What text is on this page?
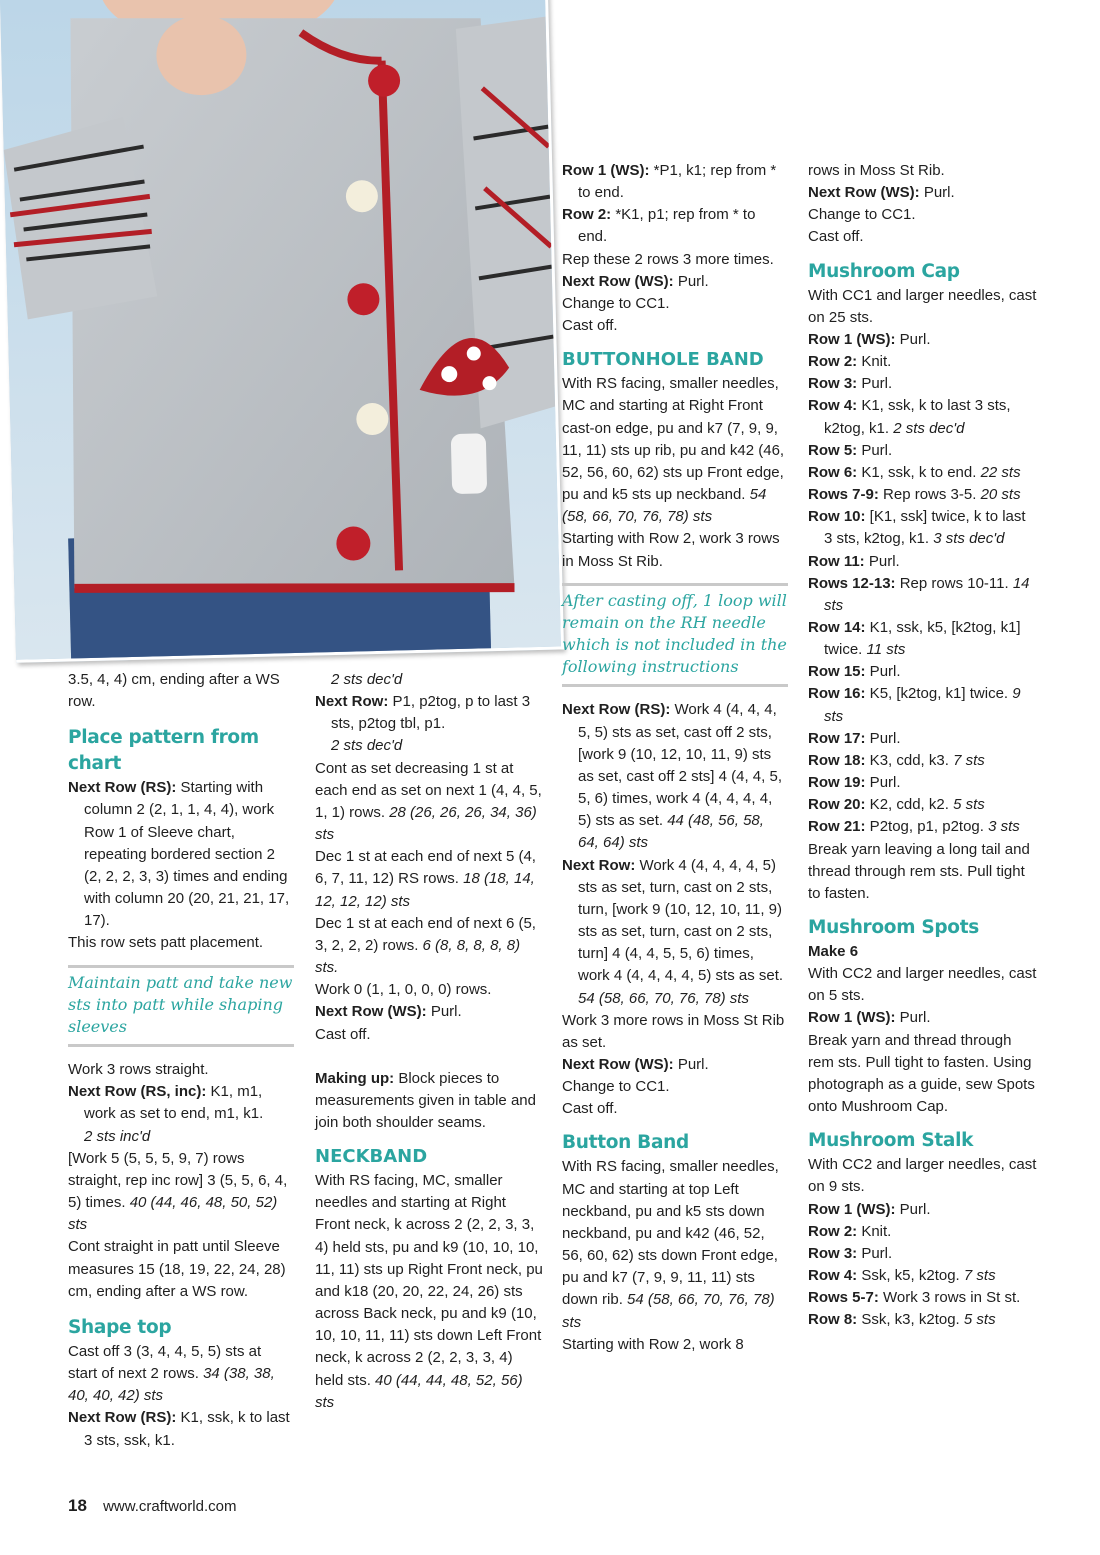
3.5, 4, 4) cm, ending after a WS row.

Place pattern from chart

Next Row (RS): Starting with column 2 (2, 1, 1, 4, 4), work Row 1 of Sleeve chart, repeating bordered section 2 (2, 2, 2, 3, 3) times and ending with column 20 (20, 21, 21, 17, 17).

This row sets patt placement.

Maintain patt and take new sts into patt while shaping sleeves

Work 3 rows straight.

Next Row (RS, inc): K1, m1, work as set to end, m1, k1.
2 sts inc'd

[Work 5 (5, 5, 5, 9, 7) rows straight, rep inc row] 3 (5, 5, 6, 4, 5) times. 40 (44, 46, 48, 50, 52) sts

Cont straight in patt until Sleeve measures 15 (18, 19, 22, 24, 28) cm, ending after a WS row.

Shape top

Cast off 3 (3, 4, 4, 5, 5) sts at start of next 2 rows. 34 (38, 38, 40, 40, 42) sts

Next Row (RS): K1, ssk, k to last 3 sts, ssk, k1.

2 sts dec'd

Next Row: P1, p2tog, p to last 3 sts, p2tog tbl, p1.
2 sts dec'd

Cont as set decreasing 1 st at each end as set on next 1 (4, 4, 5, 1, 1) rows. 28 (26, 26, 26, 34, 36) sts

Dec 1 st at each end of next 5 (4, 6, 7, 11, 12) RS rows. 18 (18, 14, 12, 12, 12) sts

Dec 1 st at each end of next 6 (5, 3, 2, 2, 2) rows. 6 (8, 8, 8, 8, 8) sts.

Work 0 (1, 1, 0, 0, 0) rows.

Next Row (WS): Purl.

Cast off.

Making up: Block pieces to measurements given in table and join both shoulder seams.

NECKBAND

With RS facing, MC, smaller needles and starting at Right Front neck, k across 2 (2, 2, 3, 3, 4) held sts, pu and k9 (10, 10, 10, 11, 11) sts up Right Front neck, pu and k18 (20, 20, 22, 24, 26) sts across Back neck, pu and k9 (10, 10, 10, 11, 11) sts down Left Front neck, k across 2 (2, 2, 3, 3, 4) held sts. 40 (44, 44, 48, 52, 56) sts

Row 1 (WS): *P1, k1; rep from * to end.

Row 2: *K1, p1; rep from * to end.

Rep these 2 rows 3 more times.

Next Row (WS): Purl.

Change to CC1.

Cast off.

BUTTONHOLE BAND

With RS facing, smaller needles, MC and starting at Right Front cast-on edge, pu and k7 (7, 9, 9, 11, 11) sts up rib, pu and k42 (46, 52, 56, 60, 62) sts up Front edge, pu and k5 sts up neckband. 54 (58, 66, 70, 76, 78) sts

Starting with Row 2, work 3 rows in Moss St Rib.

After casting off, 1 loop will remain on the RH needle which is not included in the following instructions

Next Row (RS): Work 4 (4, 4, 4, 5, 5) sts as set, cast off 2 sts, [work 9 (10, 12, 10, 11, 9) sts as set, cast off 2 sts] 4 (4, 4, 5, 5, 6) times, work 4 (4, 4, 4, 4, 5) sts as set. 44 (48, 56, 58, 64, 64) sts

Next Row: Work 4 (4, 4, 4, 4, 5) sts as set, turn, cast on 2 sts, turn, [work 9 (10, 12, 10, 11, 9) sts as set, turn, cast on 2 sts, turn] 4 (4, 4, 5, 5, 6) times, work 4 (4, 4, 4, 4, 5) sts as set. 54 (58, 66, 70, 76, 78) sts

Work 3 more rows in Moss St Rib as set.

Next Row (WS): Purl.

Change to CC1.

Cast off.

Button Band

With RS facing, smaller needles, MC and starting at top Left neckband, pu and k5 sts down neckband, pu and k42 (46, 52, 56, 60, 62) sts down Front edge, pu and k7 (7, 9, 9, 11, 11) sts down rib. 54 (58, 66, 70, 76, 78) sts

Starting with Row 2, work 8

rows in Moss St Rib.

Next Row (WS): Purl.

Change to CC1.

Cast off.

Mushroom Cap

With CC1 and larger needles, cast on 25 sts.

Row 1 (WS): Purl.

Row 2: Knit.

Row 3: Purl.

Row 4: K1, ssk, k to last 3 sts, k2tog, k1. 2 sts dec'd

Row 5: Purl.

Row 6: K1, ssk, k to end. 22 sts

Rows 7-9: Rep rows 3-5. 20 sts

Row 10: [K1, ssk] twice, k to last 3 sts, k2tog, k1. 3 sts dec'd

Row 11: Purl.

Rows 12-13: Rep rows 10-11. 14 sts

Row 14: K1, ssk, k5, [k2tog, k1] twice. 11 sts

Row 15: Purl.

Row 16: K5, [k2tog, k1] twice. 9 sts

Row 17: Purl.

Row 18: K3, cdd, k3. 7 sts

Row 19: Purl.

Row 20: K2, cdd, k2. 5 sts

Row 21: P2tog, p1, p2tog. 3 sts

Break yarn leaving a long tail and thread through rem sts. Pull tight to fasten.

Mushroom Spots

Make 6

With CC2 and larger needles, cast on 5 sts.

Row 1 (WS): Purl.

Break yarn and thread through rem sts. Pull tight to fasten. Using photograph as a guide, sew Spots onto Mushroom Cap.

Mushroom Stalk

With CC2 and larger needles, cast on 9 sts.

Row 1 (WS): Purl.

Row 2: Knit.

Row 3: Purl.

Row 4: Ssk, k5, k2tog. 7 sts

Rows 5-7: Work 3 rows in St st.

Row 8: Ssk, k3, k2tog. 5 sts

18 www.craftworld.com
